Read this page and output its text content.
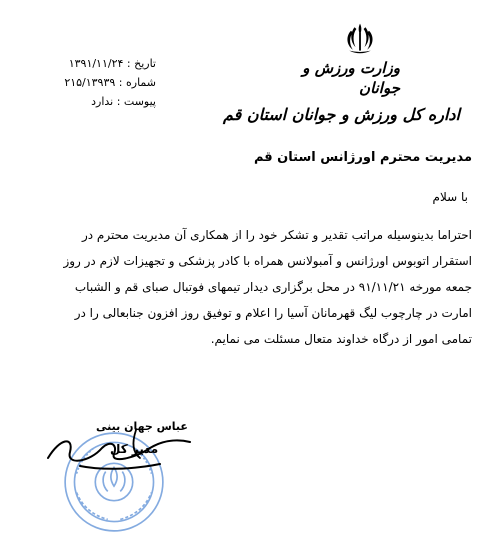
وزارت ورزش و جوانان
اداره کل ورزش و جوانان استان قم
تاریخ : ۱۳۹۱/۱۱/۲۴
شماره : ۲۱۵/۱۳۹۳۹
پیوست : ندارد
مدیریت محترم اورژانس استان قم
با سلام
احتراما بدینوسیله مراتب تقدیر و تشکر خود را از همکاری آن مدیریت محترم در
استقرار اتوبوس اورژانس و آمبولانس همراه با کادر پزشکی و تجهیزات لازم در روز
جمعه مورخه ۹۱/۱۱/۲۱ در محل برگزاری دیدار تیمهای فوتبال صبای قم و الشباب
امارت در چارچوب لیگ قهرمانان آسیا را اعلام و توفیق روز افزون جنابعالی را در
تمامی امور از درگاه خداوند متعال مسئلت می نمایم.
عباس جهان بینی
مدیر کل
